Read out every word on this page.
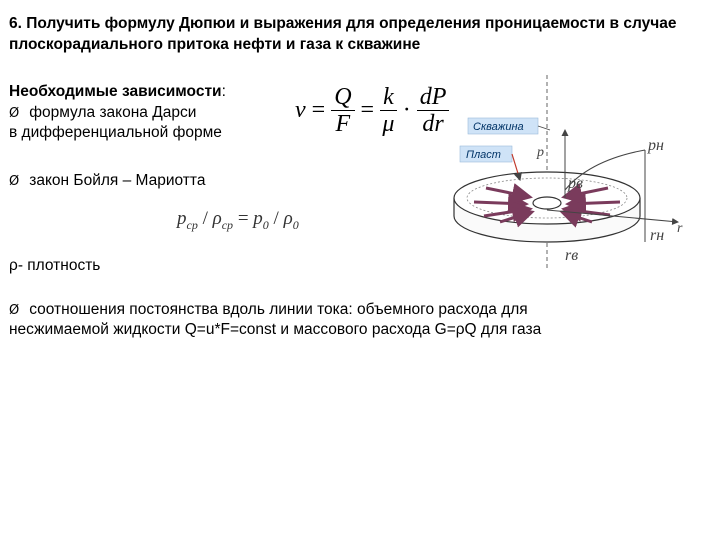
6. Получить формулу Дюпюи и выражения для определения проницаемости в случае плоскорадиального притока нефти и газа к скважине
Необходимые зависимости:
Ø формула закона Дарси
в дифференциальной форме
$v = \frac{Q}{F} = \frac{k}{\mu} \cdot \frac{dP}{dr}$
Ø закон Бойля – Мариотта
$p_{ср} / \rho_{ср} = p_0 / \rho_0$
ρ- плотность
Ø соотношения постоянства вдоль линии тока: объемного расхода для
несжимаемой жидкости Q=u*F=const и массового расхода G=ρQ для газа
Скважина
Пласт	p	pн
pв
rн r
rв
